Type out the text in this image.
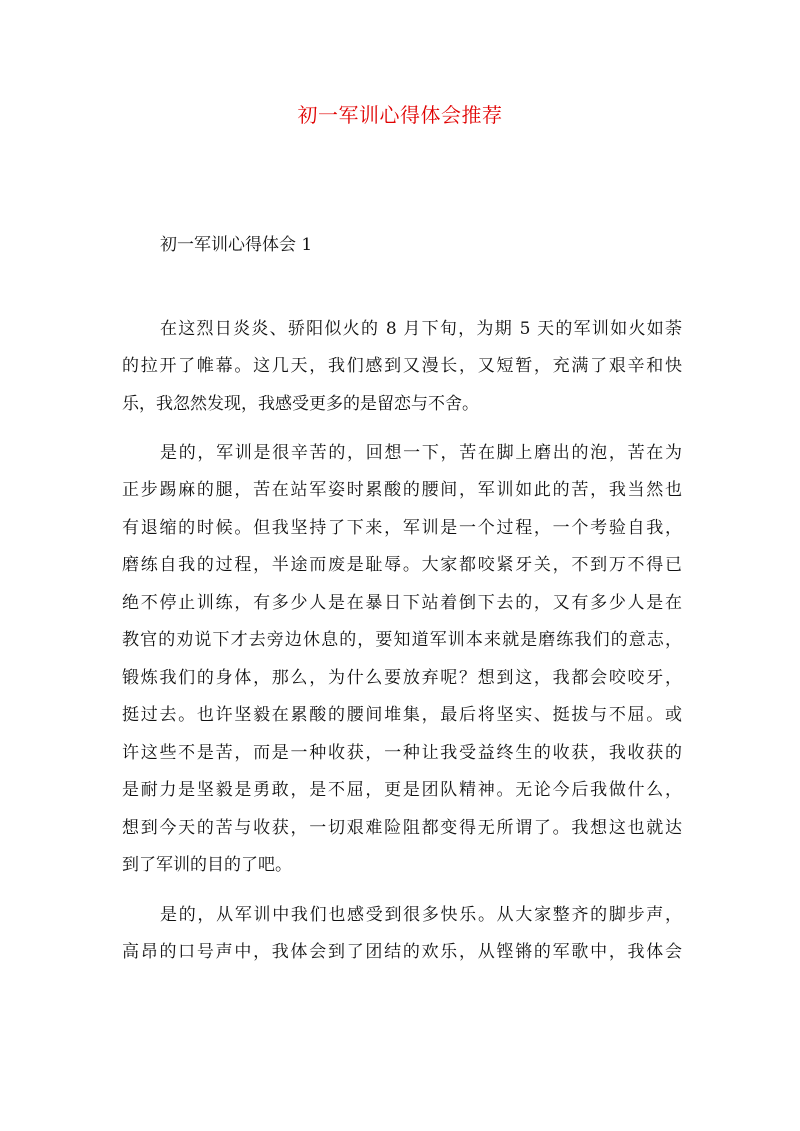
初一军训心得体会推荐
初一军训心得体会 1
在这烈日炎炎、骄阳似火的 8 月下旬，为期 5 天的军训如火如荼
的拉开了帷幕。这几天，我们感到又漫长，又短暂，充满了艰辛和快
乐，我忽然发现，我感受更多的是留恋与不舍。
是的，军训是很辛苦的，回想一下，苦在脚上磨出的泡，苦在为
正步踢麻的腿，苦在站军姿时累酸的腰间，军训如此的苦，我当然也
有退缩的时候。但我坚持了下来，军训是一个过程，一个考验自我，
磨练自我的过程，半途而废是耻辱。大家都咬紧牙关，不到万不得已
绝不停止训练，有多少人是在暴日下站着倒下去的，又有多少人是在
教官的劝说下才去旁边休息的，要知道军训本来就是磨练我们的意志，
锻炼我们的身体，那么，为什么要放弃呢？想到这，我都会咬咬牙，
挺过去。也许坚毅在累酸的腰间堆集，最后将坚实、挺拔与不屈。或
许这些不是苦，而是一种收获，一种让我受益终生的收获，我收获的
是耐力是坚毅是勇敢，是不屈，更是团队精神。无论今后我做什么，
想到今天的苦与收获，一切艰难险阻都变得无所谓了。我想这也就达
到了军训的目的了吧。
是的，从军训中我们也感受到很多快乐。从大家整齐的脚步声，
高昂的口号声中，我体会到了团结的欢乐，从铿锵的军歌中，我体会
